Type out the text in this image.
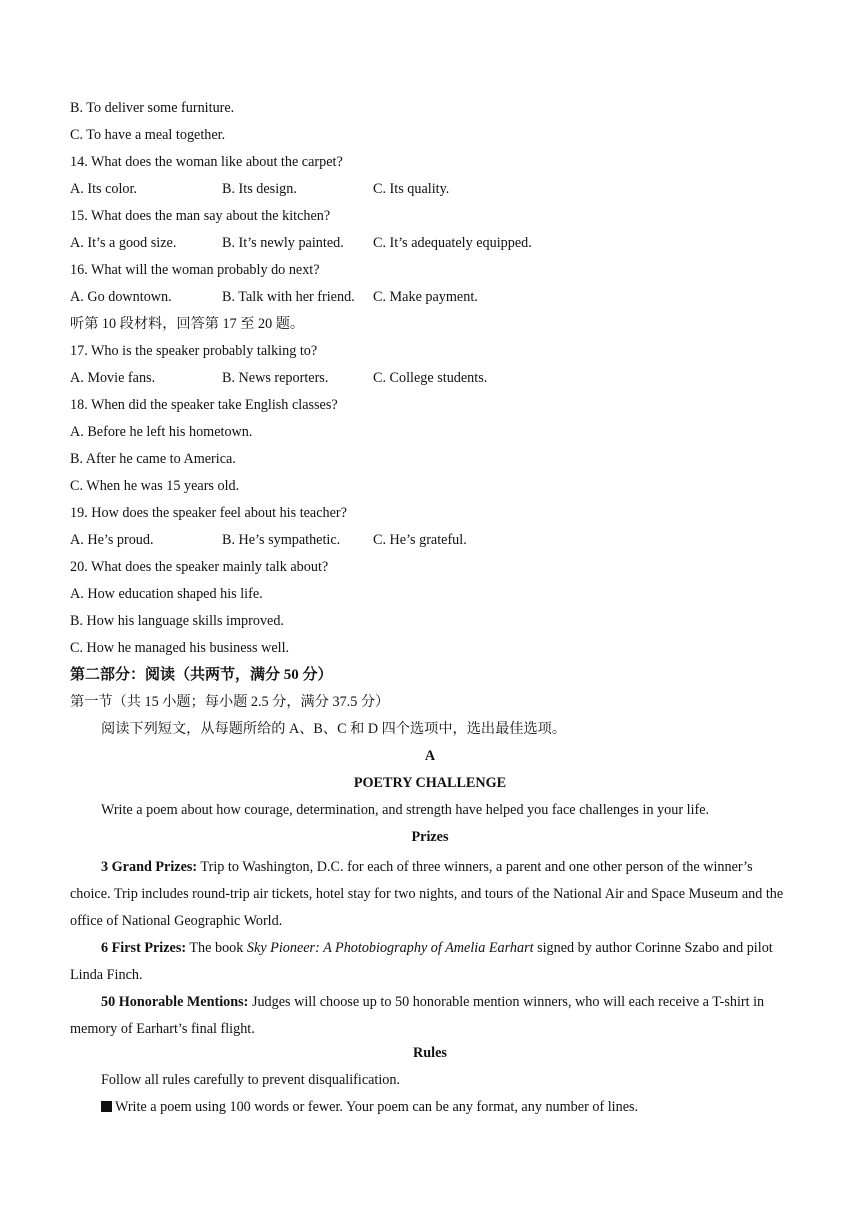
B. To deliver some furniture.
C. To have a meal together.
14. What does the woman like about the carpet?
A. Its color.	B. Its design.	C. Its quality.
15. What does the man say about the kitchen?
A. It’s a good size.	B. It’s newly painted.	C. It’s adequately equipped.
16. What will the woman probably do next?
A. Go downtown.	B. Talk with her friend.	C. Make payment.
听第 10 段材料，回答第 17 至 20 题。
17. Who is the speaker probably talking to?
A. Movie fans.	B. News reporters.	C. College students.
18. When did the speaker take English classes?
A. Before he left his hometown.
B. After he came to America.
C. When he was 15 years old.
19. How does the speaker feel about his teacher?
A. He’s proud.	B. He’s sympathetic.	C. He’s grateful.
20. What does the speaker mainly talk about?
A. How education shaped his life.
B. How his language skills improved.
C. How he managed his business well.
第二部分：阅读（共两节，满分 50 分）
第一节（共 15 小题；每小题 2.5 分，满分 37.5 分）
阅读下列短文，从每题所给的 A、B、C 和 D 四个选项中，选出最佳选项。
A
POETRY CHALLENGE
Write a poem about how courage, determination, and strength have helped you face challenges in your life.
Prizes

3 Grand Prizes: Trip to Washington, D.C. for each of three winners, a parent and one other person of the winner’s choice. Trip includes round-trip air tickets, hotel stay for two nights, and tours of the National Air and Space Museum and the office of National Geographic World.

6 First Prizes: The book Sky Pioneer: A Photobiography of Amelia Earhart signed by author Corinne Szabo and pilot Linda Finch.

50 Honorable Mentions: Judges will choose up to 50 honorable mention winners, who will each receive a T-shirt in memory of Earhart’s final flight.

Rules
Follow all rules carefully to prevent disqualification.
Write a poem using 100 words or fewer. Your poem can be any format, any number of lines.
